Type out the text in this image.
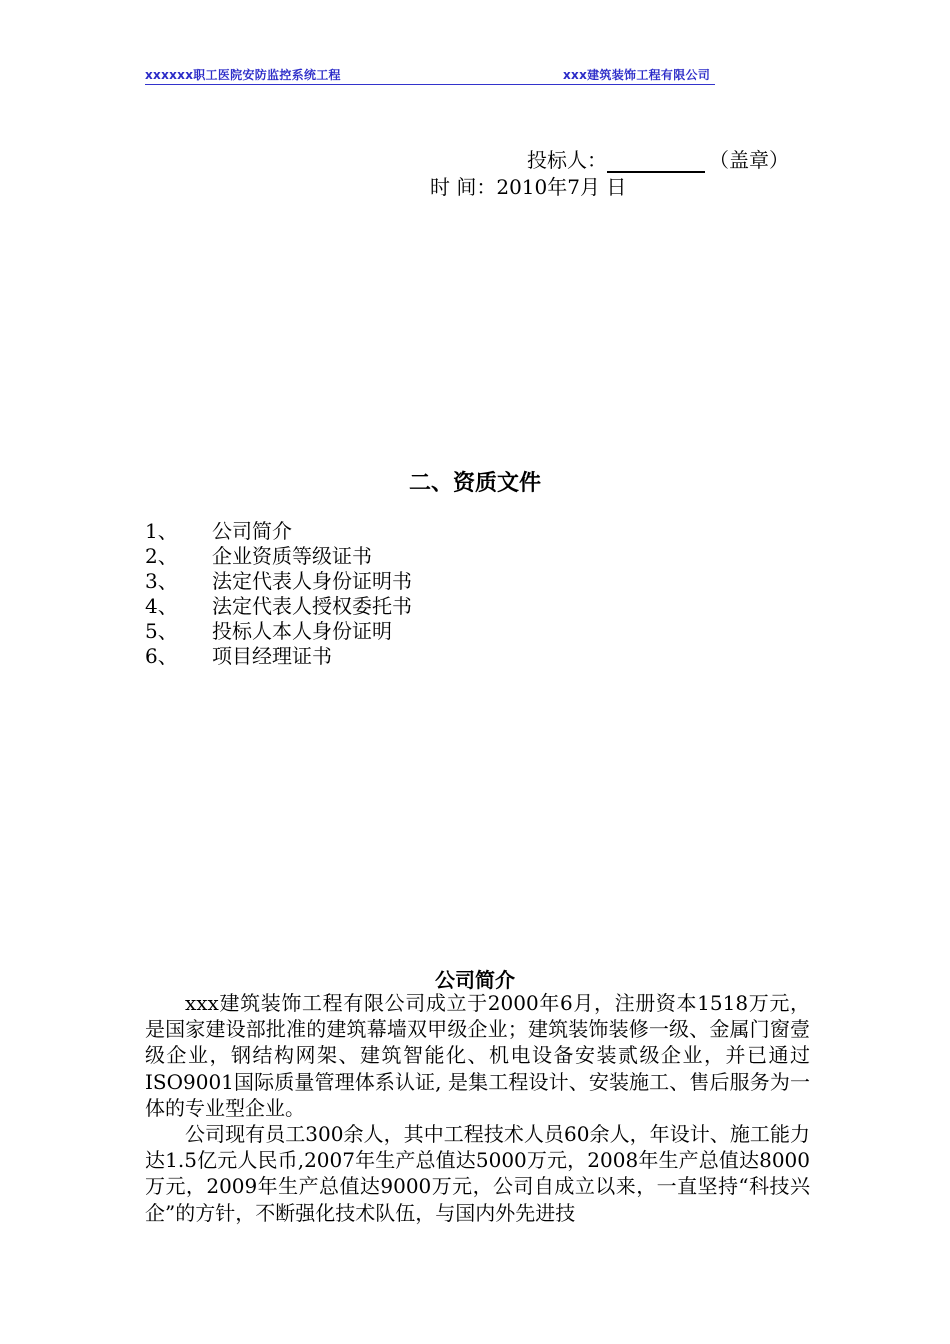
xxxxxx职工医院安防监控系统工程	xxx建筑装饰工程有限公司
投标人：	（盖章）
时 间：2010年7月 日
二、资质文件
1、 公司简介
2、 企业资质等级证书
3、 法定代表人身份证明书
4、 法定代表人授权委托书
5、 投标人本人身份证明
6、 项目经理证书
公司简介

xxx建筑装饰工程有限公司成立于2000年6月，注册资本1518万元，是国家建设部批准的建筑幕墙双甲级企业；建筑装饰装修一级、金属门窗壹级企业，钢结构网架、建筑智能化、机电设备安装贰级企业，并已通过ISO9001国际质量管理体系认证, 是集工程设计、安装施工、售后服务为一体的专业型企业。

公司现有员工300余人，其中工程技术人员60余人，年设计、施工能力达1.5亿元人民币,2007年生产总值达5000万元，2008年生产总值达8000万元，2009年生产总值达9000万元，公司自成立以来，一直坚持“科技兴企”的方针，不断强化技术队伍，与国内外先进技
